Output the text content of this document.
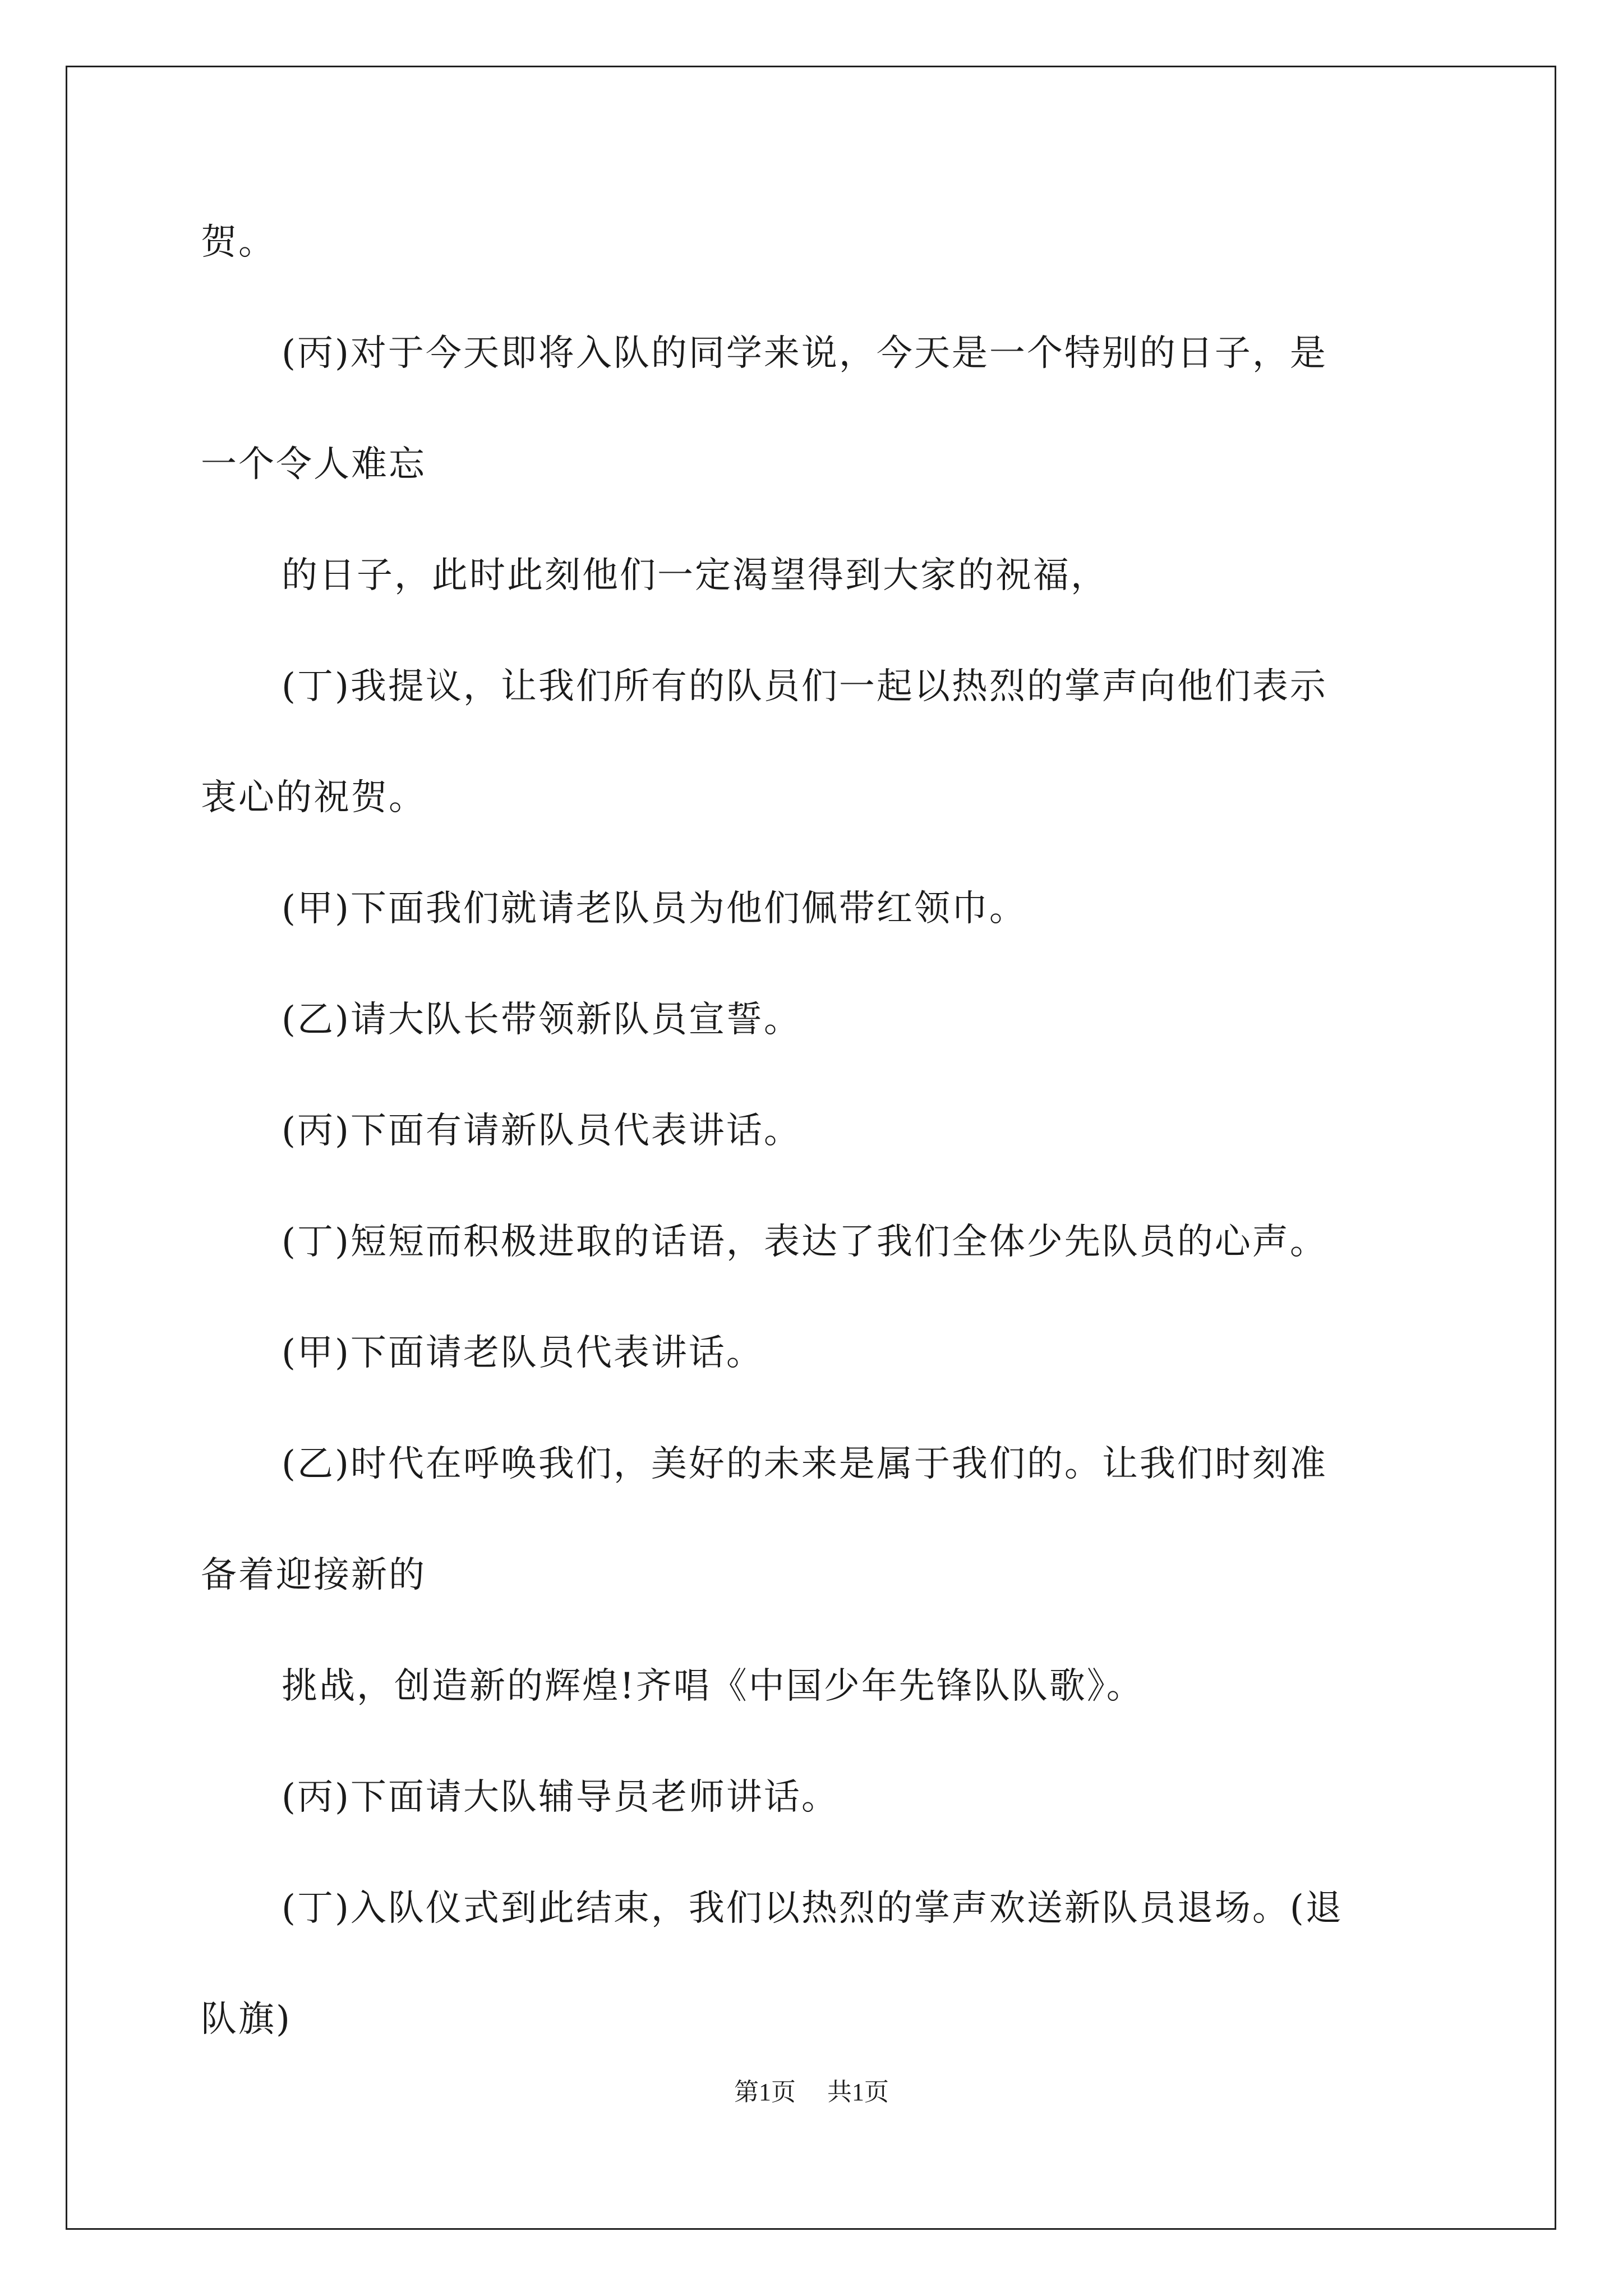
贺。

(丙)对于今天即将入队的同学来说，今天是一个特别的日子，是

一个令人难忘

的日子，此时此刻他们一定渴望得到大家的祝福，

(丁)我提议，让我们所有的队员们一起以热烈的掌声向他们表示

衷心的祝贺。

(甲)下面我们就请老队员为他们佩带红领巾。

(乙)请大队长带领新队员宣誓。

(丙)下面有请新队员代表讲话。

(丁)短短而积极进取的话语，表达了我们全体少先队员的心声。

(甲)下面请老队员代表讲话。

(乙)时代在呼唤我们，美好的未来是属于我们的。让我们时刻准

备着迎接新的

挑战，创造新的辉煌!齐唱《中国少年先锋队队歌》。

(丙)下面请大队辅导员老师讲话。

(丁)入队仪式到此结束，我们以热烈的掌声欢送新队员退场。(退

队旗)

第1页 共1页
